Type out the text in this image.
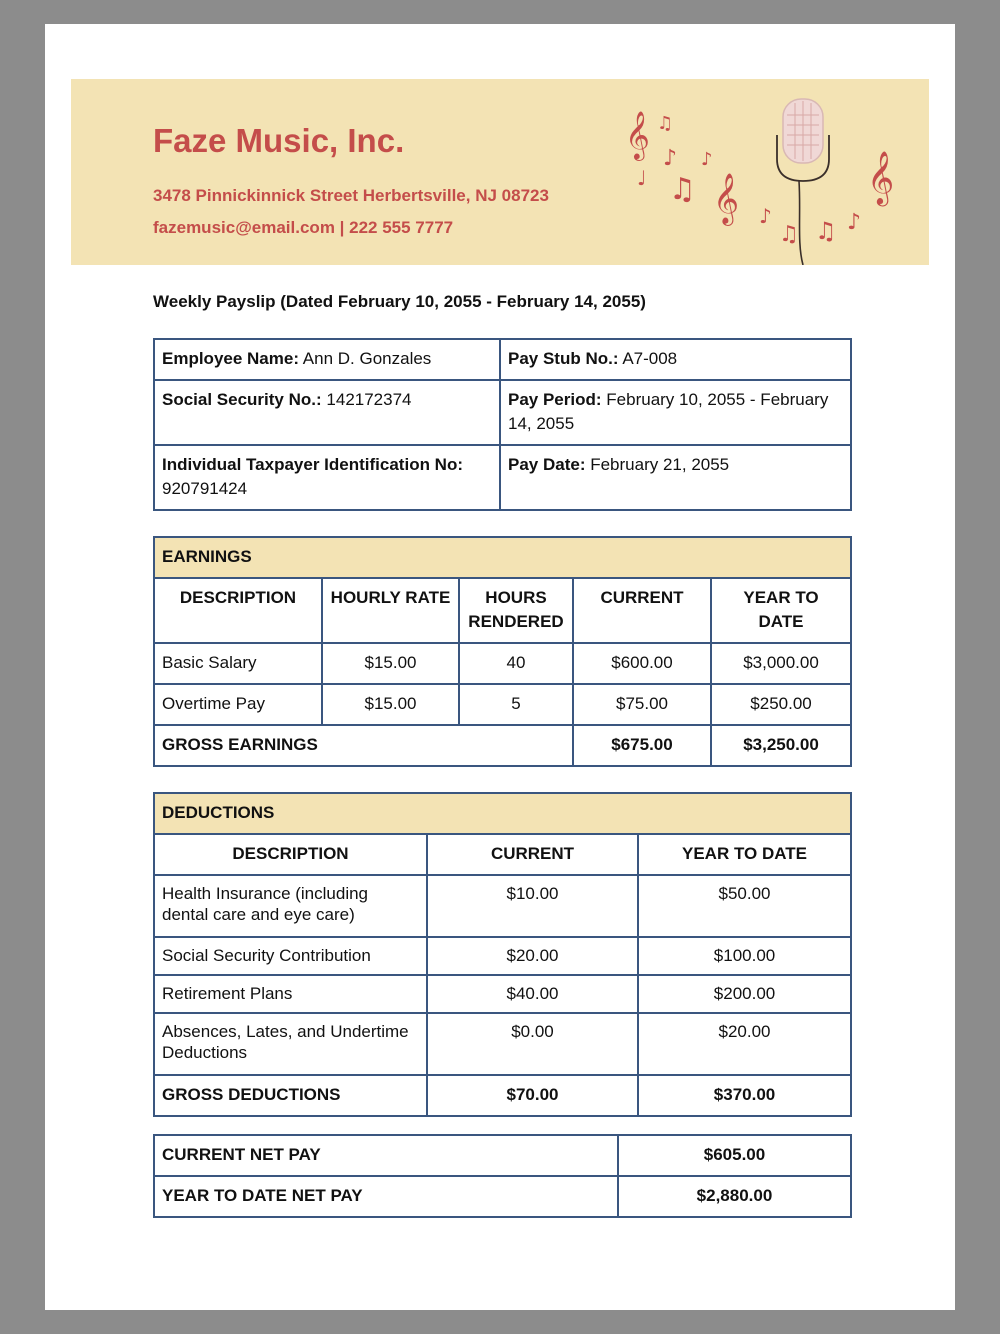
Faze Music, Inc.

3478 Pinnickinnick Street Herbertsville, NJ 08723

fazemusic@email.com | 222 555 7777

𝄞
𝄞	𝄞
♫
♪
♩ ♫
♪
♪
♫ ♫ ♪

Weekly Payslip (Dated February 10, 2055 - February 14, 2055)

Employee Name: Ann D. Gonzales	Pay Stub No.: A7-008
Social Security No.: 142172374	Pay Period: February 10, 2055 - February 14, 2055
Individual Taxpayer Identification No:
920791424	Pay Date: February 21, 2055
EARNINGS				
DESCRIPTION	HOURLY RATE	HOURS RENDERED	CURRENT	YEAR TO DATE
Basic Salary	$15.00	40	$600.00	$3,000.00
Overtime Pay	$15.00	5	$75.00	$250.00
GROSS EARNINGS			$675.00	$3,250.00
DEDUCTIONS		
DESCRIPTION	CURRENT	YEAR TO DATE
Health Insurance (including dental care and eye care)	$10.00	$50.00
Social Security Contribution	$20.00	$100.00
Retirement Plans	$40.00	$200.00
Absences, Lates, and Undertime Deductions	$0.00	$20.00
GROSS DEDUCTIONS	$70.00	$370.00
CURRENT NET PAY	$605.00
YEAR TO DATE NET PAY	$2,880.00
